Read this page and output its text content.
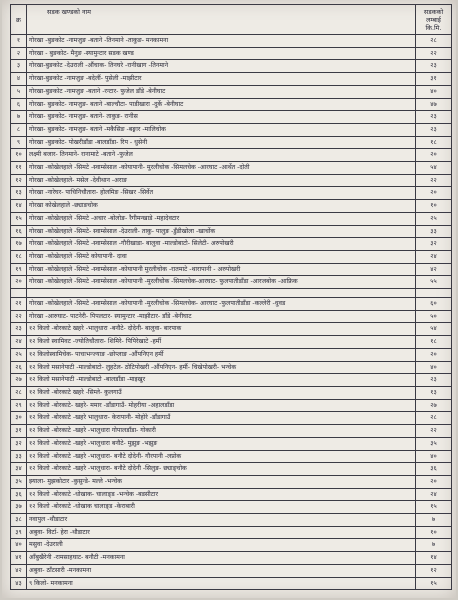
क्र	सडक खण्डको नाम	सडकको लम्बाई कि.मि.
१	गोरखा -बुङकोट -नामजुङ -बताने -तिनमाने -ताकुङ- मनकामना	२८
२	गोरखा - बुङकोट- मैनुङ -स्यामुन्टार सडक खण्ड	२२
३	गोरखा-बुङकोट -देउराली -औंचाक- तिनघरे -रानीखाग -तिनमाने	२३
४	गोरखा-बुङकोट -नामजुङ -बदेलीं- पुसेली -माझीटार	३१
५	गोरखा-बुङकोट -नामजुङ -बताने -रन्टार- फुजेल डाँडे -बेनीघाट	४०
६	गोरखा- बुङकोट- नामजुङ- बताने -बाल्चौटा- पाडीखारा -दुर्के -बेनीघाट	४७
७	गोरखा- बुङकोट- नामजुङ- बताने- ताकुङ- रानीस	२३
८	गोरखा- बुङकोट- नामजुङ- बताने -मकैसिङ -बङ्गार -मालिचोक	२३
९	गोरखा -बुङकोट- पोखरीडाँडा -बालडाँडा- रिप - धुसेनी	१८
१०	लक्ष्मी बजार- तिनमाने- रानामाटे -बताने -फुजेल	२०
११	गोरखा -कोखेलहाले -सिमटे -स्वाम्सेसाल -कोयापानी- मुरलीचोक -सिमलचेक -आरघाट -आर्थेत -दोती	५४
१२	गोरखा -कोखेलहाले- मसेल -देवीथान -अराङ	२२
१३	गोरखा -नारेघर- पाचिनिचौतारा- होलमिङ -सिखर -सिर्वेत	२०
१४	गोरखा कोखेलहाले -छ्याङचोक	१०
१५	गोरखा -कोखेलहाले -सिमटे -अचार -बोलोङ- रैगीमन्खाडे -महादेवटार	२५
१६	गोरखा -कोखेलहाले -सिमटे- स्वाम्सेसाल -देउराली- ताकु- पालुङ -डुँडीखोला -खार्चोक	३३
१७	गोरखा -कोखेलहाले -सिमटे -स्वाम्सेसाल -गौरीखाडा- बालुवा -माल्डोबाटो- सिलेटी- अरुपोखरी	३२
१८	गोरखा -कोखेलहाले -सिमटे कोयापानी- दावा	२४
१९	गोरखा -कोखेलहाले -सिमटे -स्वाम्सेसाल -कोयापानी मुरलीचोक -रातमाटे -थारापानी - अरुपोखरी	४२
२०	गोरखा -कोखेलहाले -सिमटे -स्वाम्सेसाल -कोयापानी -मुरलीचोक -सिमलचेक-आरघाट- फुलपातीडाँडा -आरजबोक -आफ्रिक	५५

२१	गोरखा -कोखेलहाले -सिमटे -स्वाम्सेसाल -कोयापानी -मुरलीचोक -सिमलचेक- आरघाट -फुलपातीडाँडा -कल्लेरी -धुवड	६०
२२	गोरखा -आरुघाट- पाटनेरी- पिपलटार- स्यामुन्टार -माझीटार- डाँडे -बेनीघाट	५०
२३	१२ किलो -बोरकाटे खहरे -भालुधारा -बनौटे- दोदेनी- बालुवा- बारपाक	५४
२४	१२ किलो स्वामिवट -ज्योतिचौतारा- शिमिरे- पिपिरेखाटे -हर्मी	१८
२५	१२ किलोस्वामिचेक- पाचाभन्ज्याङ -छोप्लाङ -औंपनिएन हर्मी	२०
२६	१२ किलो मसानेपाटी -माल्डोबाटो- लुहटेल- ठोटिपोखरी -औंपनिएन- हर्मी- चिखेपोखरी- भन्चेक	४०
२७	१२ किलो मसानेपाटी -माल्डोबाटो -बालडाँडा -माइखुर	२३
२८	१२ किलो -बोरकाटे खहरे -सिम्ले- कुलगाउँ	१३
२९	१२ किलो -बोरकाटे- खहरे- ममार -डाँडागाउँ- मोहरीया -अहालडाँडा	२७
३०	१२ किलो -बोरकाटे -खहरे भालुधारा- केरापानी- मोहोरे -डाँडागाउँ	२८
३१	१२ किलो -बोरकाटे -खहरे -भालुधारा गोपालडाँडा- गोकारी	२२
३२	१२ किलो -बोरकाटे -खहरे -भालुधारा बनौटे- मुझुङ -भझुङ	३५
३३	१२ किलो -बोरकाटे -खहरे -भालुधारा- बनौटे दोदेनी- गौरपानी -लप्रोक	४०
३४	१२ किलो -बोरकाटे -खहरे -भालुधारा- बनौटे दोदेनी -सिलुङ- छ्याङ्चोक	३६
३५	झ्याला- मुझकोटार -कुसुन्डे- मल्ले -भन्चेक	२०
३६	१२ किलो -बोरकाटे -धोखाक- चालाङ्ड -भन्चेक -बडसीटार	२४
३७	१२ किलो -बोरकाटे -धोखाक चालाङ्ड -केराबारी	१५
३८	नवापुल -थौडाटार	७
३९	अबुवा- विर्टा- हेरा -थौडाटार	१०
४०	मसुवा -देउराली	७
४१	आँबुखैरेनी -रामसाहघाट- बनौटी -मनकामना	१४
४२	अबुवा- ठाँटसारी -मनकामना	१२
४३	९ किलो- मनकामना	१५
